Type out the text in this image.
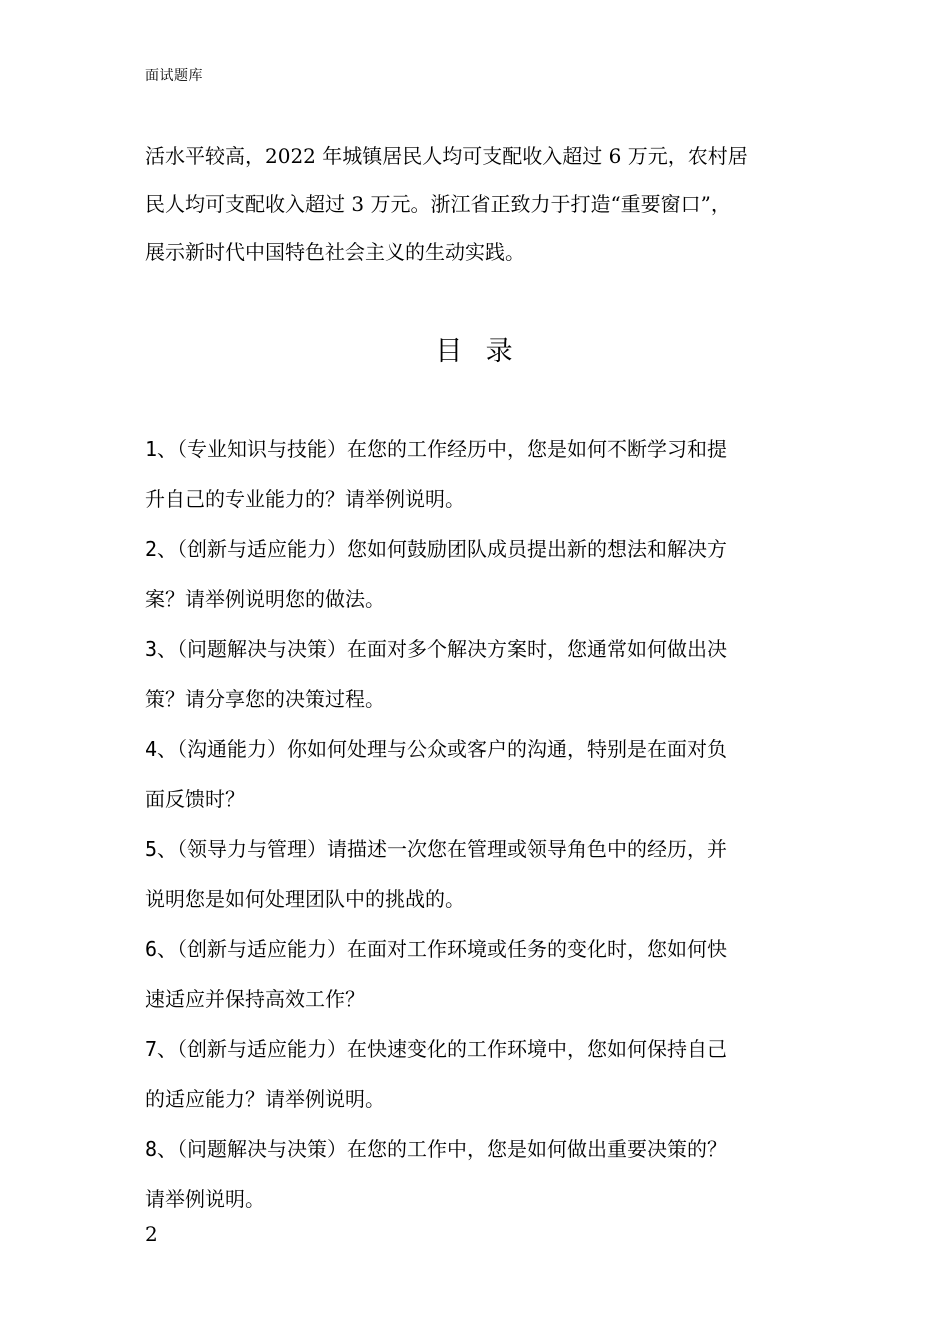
面试题库
活水平较高，2022 年城镇居民人均可支配收入超过 6 万元，农村居
民人均可支配收入超过 3 万元。浙江省正致力于打造“重要窗口”，
展示新时代中国特色社会主义的生动实践。
目  录
1、（专业知识与技能）在您的工作经历中，您是如何不断学习和提
升自己的专业能力的？请举例说明。
2、（创新与适应能力）您如何鼓励团队成员提出新的想法和解决方
案？请举例说明您的做法。
3、（问题解决与决策）在面对多个解决方案时，您通常如何做出决
策？请分享您的决策过程。
4、（沟通能力）你如何处理与公众或客户的沟通，特别是在面对负
面反馈时？
5、（领导力与管理）请描述一次您在管理或领导角色中的经历，并
说明您是如何处理团队中的挑战的。
6、（创新与适应能力）在面对工作环境或任务的变化时，您如何快
速适应并保持高效工作？
7、（创新与适应能力）在快速变化的工作环境中，您如何保持自己
的适应能力？请举例说明。
8、（问题解决与决策）在您的工作中，您是如何做出重要决策的？
请举例说明。
2
